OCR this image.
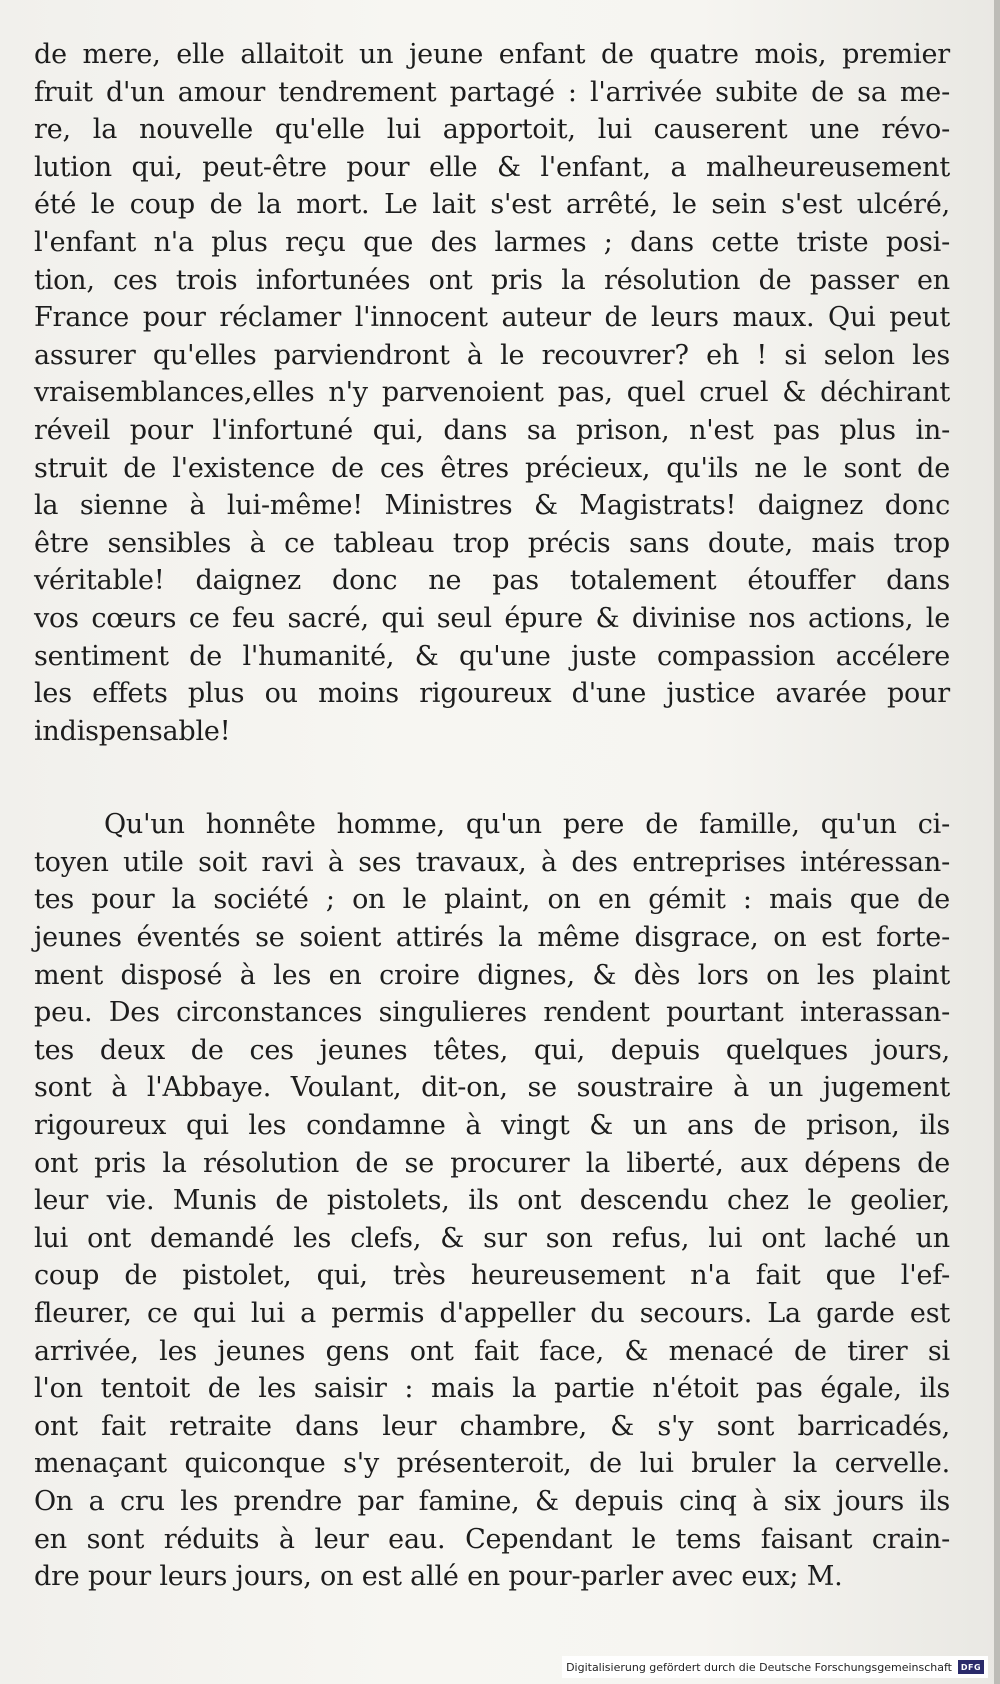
de mere, elle allaitoit un jeune enfant de quatre mois, premier
fruit d'un amour tendrement partagé : l'arrivée subite de sa me-
re, la nouvelle qu'elle lui apportoit, lui causerent une révo-
lution qui, peut-être pour elle & l'enfant, a malheureusement
été le coup de la mort. Le lait s'est arrêté, le sein s'est ulcéré,
l'enfant n'a plus reçu que des larmes ; dans cette triste posi-
tion, ces trois infortunées ont pris la résolution de passer en
France pour réclamer l'innocent auteur de leurs maux. Qui peut
assurer qu'elles parviendront à le recouvrer? eh ! si selon les
vraisemblances,elles n'y parvenoient pas, quel cruel & déchirant
réveil pour l'infortuné qui, dans sa prison, n'est pas plus in-
struit de l'existence de ces êtres précieux, qu'ils ne le sont de
la sienne à lui-même! Ministres & Magistrats! daignez donc
être sensibles à ce tableau trop précis sans doute, mais trop
véritable! daignez donc ne pas totalement étouffer dans
vos cœurs ce feu sacré, qui seul épure & divinise nos actions, le
sentiment de l'humanité, & qu'une juste compassion accélere
les effets plus ou moins rigoureux d'une justice avarée pour
indispensable!
Qu'un honnête homme, qu'un pere de famille, qu'un ci-
toyen utile soit ravi à ses travaux, à des entreprises intéressan-
tes pour la société ; on le plaint, on en gémit : mais que de
jeunes éventés se soient attirés la même disgrace, on est forte-
ment disposé à les en croire dignes, & dès lors on les plaint
peu. Des circonstances singulieres rendent pourtant interassan-
tes deux de ces jeunes têtes, qui, depuis quelques jours,
sont à l'Abbaye. Voulant, dit-on, se soustraire à un jugement
rigoureux qui les condamne à vingt & un ans de prison, ils
ont pris la résolution de se procurer la liberté, aux dépens de
leur vie. Munis de pistolets, ils ont descendu chez le geolier,
lui ont demandé les clefs, & sur son refus, lui ont laché un
coup de pistolet, qui, très heureusement n'a fait que l'ef-
fleurer, ce qui lui a permis d'appeller du secours. La garde est
arrivée, les jeunes gens ont fait face, & menacé de tirer si
l'on tentoit de les saisir : mais la partie n'étoit pas égale, ils
ont fait retraite dans leur chambre, & s'y sont barricadés,
menaçant quiconque s'y présenteroit, de lui bruler la cervelle.
On a cru les prendre par famine, & depuis cinq à six jours ils
en sont réduits à leur eau. Cependant le tems faisant crain-
dre pour leurs jours, on est allé en pour-parler avec eux; M.
Digitalisierung gefördert durch die Deutsche Forschungsgemeinschaft	DFG
